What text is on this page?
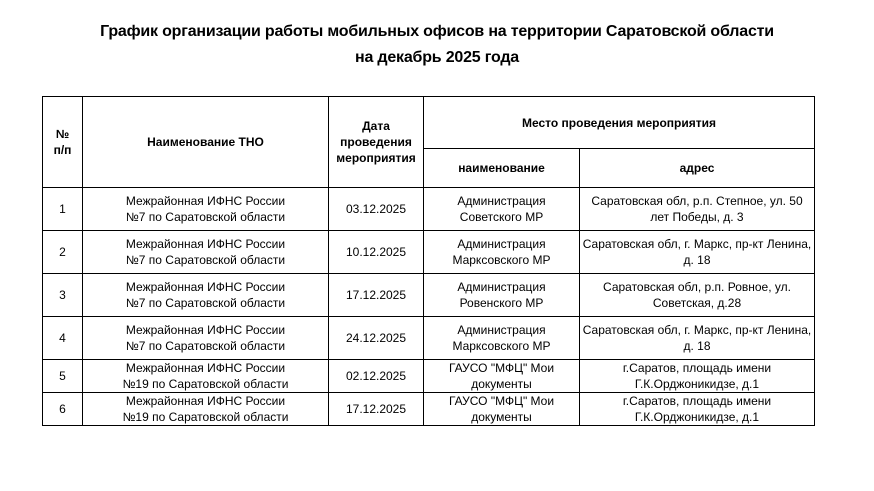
График организации работы мобильных офисов на территории Саратовской области
на декабрь 2025 года
№ п/п	Наименование ТНО	Дата проведения мероприятия	Место проведения мероприятия	
			наименование	адрес
1	Межрайонная ИФНС России №7 по Саратовской области	03.12.2025	Администрация Советского МР	Саратовская обл, р.п. Степное, ул. 50 лет Победы, д. 3
2	Межрайонная ИФНС России №7 по Саратовской области	10.12.2025	Администрация Марксовского МР	Саратовская обл, г. Маркс, пр-кт Ленина, д. 18
3	Межрайонная ИФНС России №7 по Саратовской области	17.12.2025	Администрация Ровенского МР	Саратовская обл, р.п. Ровное, ул. Советская, д.28
4	Межрайонная ИФНС России №7 по Саратовской области	24.12.2025	Администрация Марксовского МР	Саратовская обл, г. Маркс, пр-кт Ленина, д. 18
5	Межрайонная ИФНС России №19 по Саратовской области	02.12.2025	ГАУСО "МФЦ" Мои документы	г.Саратов, площадь имени Г.К.Орджоникидзе, д.1
6	Межрайонная ИФНС России №19 по Саратовской области	17.12.2025	ГАУСО "МФЦ" Мои документы	г.Саратов, площадь имени Г.К.Орджоникидзе, д.1
